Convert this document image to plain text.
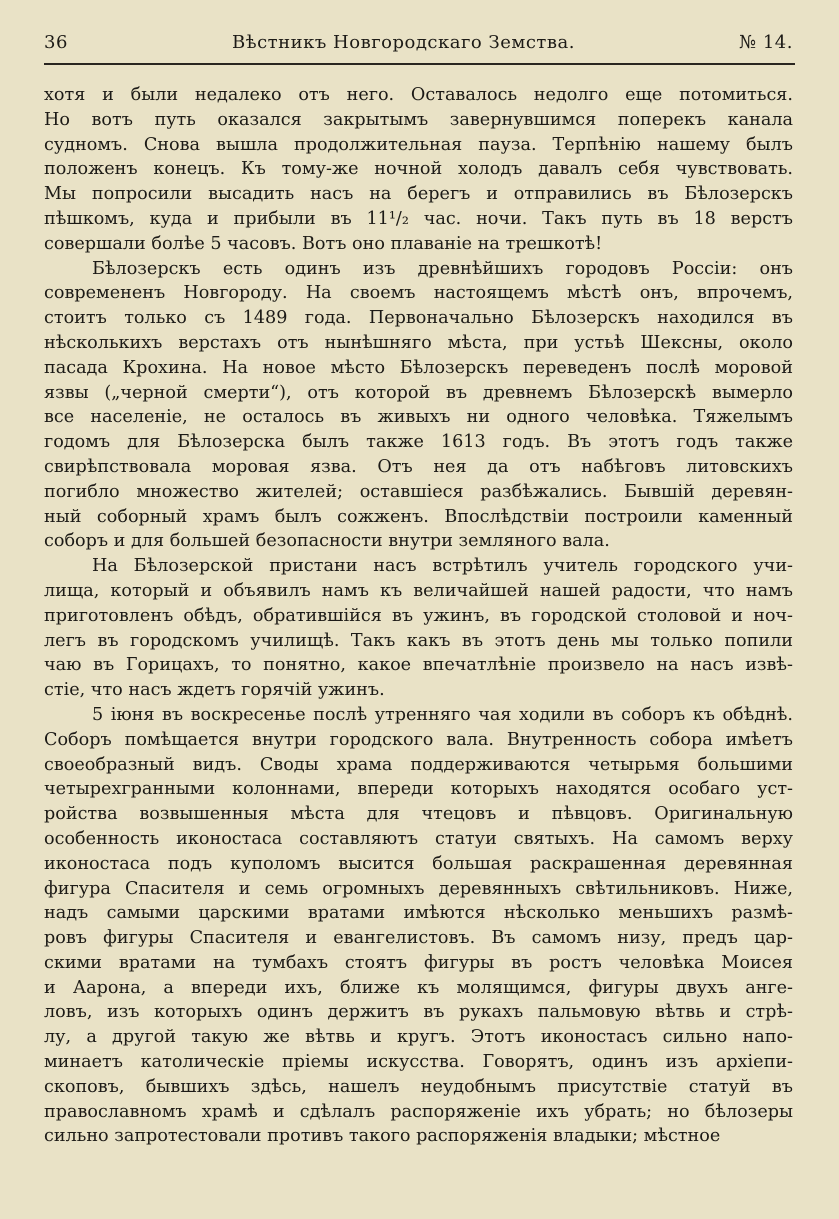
36	Вѣстникъ Новгородскаго Земства.	№ 14.
хотя и были недалеко отъ него. Оставалось недолго еще потомиться.
Но вотъ путь оказался закрытымъ завернувшимся поперекъ канала
судномъ. Снова вышла продолжительная пауза. Терпѣнію нашему былъ
положенъ конецъ. Къ тому-же ночной холодъ давалъ себя чувствовать.
Мы попросили высадить насъ на берегъ и отправились въ Бѣлозерскъ
пѣшкомъ, куда и прибыли въ 11¹/₂ час. ночи. Такъ путь въ 18 верстъ
совершали болѣе 5 часовъ. Вотъ оно плаваніе на трешкотѣ!
Бѣлозерскъ есть одинъ изъ древнѣйшихъ городовъ Россіи: онъ
современенъ Новгороду. На своемъ настоящемъ мѣстѣ онъ, впрочемъ,
стоитъ только съ 1489 года. Первоначально Бѣлозерскъ находился въ
нѣсколькихъ верстахъ отъ нынѣшняго мѣста, при устьѣ Шексны, около
пасада Крохина. На новое мѣсто Бѣлозерскъ переведенъ послѣ моровой
язвы („черной смерти“), отъ которой въ древнемъ Бѣлозерскѣ вымерло
все населеніе, не осталось въ живыхъ ни одного человѣка. Тяжелымъ
годомъ для Бѣлозерска былъ также 1613 годъ. Въ этотъ годъ также
свирѣпствовала моровая язва. Отъ нея да отъ набѣговъ литовскихъ
погибло множество жителей; оставшіеся разбѣжались. Бывшій деревян-
ный соборный храмъ былъ сожженъ. Впослѣдствіи построили каменный
соборъ и для большей безопасности внутри земляного вала.
На Бѣлозерской пристани насъ встрѣтилъ учитель городского учи-
лища, который и объявилъ намъ къ величайшей нашей радости, что намъ
приготовленъ обѣдъ, обратившійся въ ужинъ, въ городской столовой и ноч-
легъ въ городскомъ училищѣ. Такъ какъ въ этотъ день мы только попили
чаю въ Горицахъ, то понятно, какое впечатлѣніе произвело на насъ извѣ-
стіе, что насъ ждетъ горячій ужинъ.
5 іюня въ воскресенье послѣ утренняго чая ходили въ соборъ къ обѣднѣ.
Соборъ помѣщается внутри городского вала. Внутренность собора имѣетъ
своеобразный видъ. Своды храма поддерживаются четырьмя большими
четырехгранными колоннами, впереди которыхъ находятся особаго уст-
ройства возвышенныя мѣста для чтецовъ и пѣвцовъ. Оригинальную
особенность иконостаса составляютъ статуи святыхъ. На самомъ верху
иконостаса подъ куполомъ высится большая раскрашенная деревянная
фигура Спасителя и семь огромныхъ деревянныхъ свѣтильниковъ. Ниже,
надъ самыми царскими вратами имѣются нѣсколько меньшихъ размѣ-
ровъ фигуры Спасителя и евангелистовъ. Въ самомъ низу, предъ цар-
скими вратами на тумбахъ стоятъ фигуры въ ростъ человѣка Моисея
и Аарона, а впереди ихъ, ближе къ молящимся, фигуры двухъ анге-
ловъ, изъ которыхъ одинъ держитъ въ рукахъ пальмовую вѣтвь и стрѣ-
лу, а другой такую же вѣтвь и кругъ. Этотъ иконостасъ сильно напо-
минаетъ католическіе пріемы искусства. Говорятъ, одинъ изъ архіепи-
скоповъ, бывшихъ здѣсь, нашелъ неудобнымъ присутствіе статуй въ
православномъ храмѣ и сдѣлалъ распоряженіе ихъ убрать; но бѣлозеры
сильно запротестовали противъ такого распоряженія владыки; мѣстное
